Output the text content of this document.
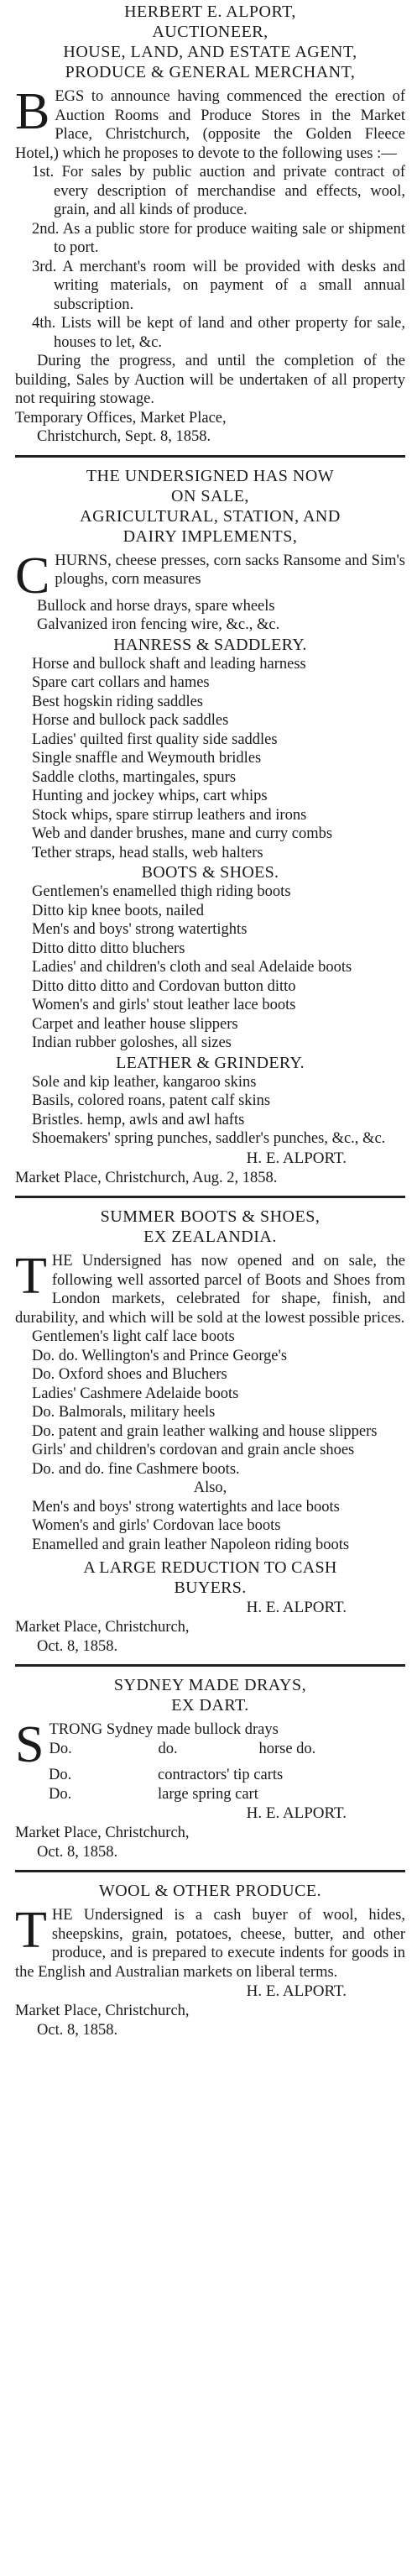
HERBERT E. ALPORT,
AUCTIONEER,
HOUSE, LAND, AND ESTATE AGENT,
PRODUCE & GENERAL MERCHANT,
B EGS to announce having commenced the erection of Auction Rooms and Produce Stores in the Market Place, Christchurch, (opposite the Golden Fleece Hotel,) which he proposes to devote to the following uses :—
1st. For sales by public auction and private contract of every description of merchandise and effects, wool, grain, and all kinds of produce.
2nd. As a public store for produce waiting sale or shipment to port.
3rd. A merchant's room will be provided with desks and writing materials, on payment of a small annual subscription.
4th. Lists will be kept of land and other property for sale, houses to let, &c.
During the progress, and until the completion of the building, Sales by Auction will be undertaken of all property not requiring stowage.
Temporary Offices, Market Place,
Christchurch, Sept. 8, 1858.
THE UNDERSIGNED HAS NOW
ON SALE,
AGRICULTURAL, STATION, AND
DAIRY IMPLEMENTS,
C HURNS, cheese presses, corn sacks Ransome and Sim's ploughs, corn measures
Bullock and horse drays, spare wheels
Galvanized iron fencing wire, &c., &c.
HANRESS & SADDLERY.
Horse and bullock shaft and leading harness
Spare cart collars and hames
Best hogskin riding saddles
Horse and bullock pack saddles
Ladies' quilted first quality side saddles
Single snaffle and Weymouth bridles
Saddle cloths, martingales, spurs
Hunting and jockey whips, cart whips
Stock whips, spare stirrup leathers and irons
Web and dander brushes, mane and curry combs
Tether straps, head stalls, web halters
BOOTS & SHOES.
Gentlemen's enamelled thigh riding boots
Ditto kip knee boots, nailed
Men's and boys' strong watertights
Ditto ditto ditto bluchers
Ladies' and children's cloth and seal Adelaide boots
Ditto ditto ditto and Cordovan button ditto
Women's and girls' stout leather lace boots
Carpet and leather house slippers
Indian rubber goloshes, all sizes
LEATHER & GRINDERY.
Sole and kip leather, kangaroo skins
Basils, colored roans, patent calf skins
Bristles. hemp, awls and awl hafts
Shoemakers' spring punches, saddler's punches, &c., &c.
H. E. ALPORT.
Market Place, Christchurch, Aug. 2, 1858.
SUMMER BOOTS & SHOES,
EX ZEALANDIA.
T HE Undersigned has now opened and on sale, the following well assorted parcel of Boots and Shoes from London markets, celebrated for shape, finish, and durability, and which will be sold at the lowest possible prices.
Gentlemen's light calf lace boots
Do. do. Wellington's and Prince George's
Do. Oxford shoes and Bluchers
Ladies' Cashmere Adelaide boots
Do. Balmorals, military heels
Do. patent and grain leather walking and house slippers
Girls' and children's cordovan and grain ancle shoes
Do. and do. fine Cashmere boots.
Also,
Men's and boys' strong watertights and lace boots
Women's and girls' Cordovan lace boots
Enamelled and grain leather Napoleon riding boots
A LARGE REDUCTION TO CASH
BUYERS.
H. E. ALPORT.
Market Place, Christchurch,
Oct. 8, 1858.
SYDNEY MADE DRAYS,
EX DART.
S TRONG Sydney made bullock drays
Do.	do.	horse do.
Do.	contractors' tip carts
Do.	large spring cart
H. E. ALPORT.
Market Place, Christchurch,
Oct. 8, 1858.
WOOL & OTHER PRODUCE.
T HE Undersigned is a cash buyer of wool, hides, sheepskins, grain, potatoes, cheese, butter, and other produce, and is prepared to execute indents for goods in the English and Australian markets on liberal terms.
H. E. ALPORT.
Market Place, Christchurch,
Oct. 8, 1858.
